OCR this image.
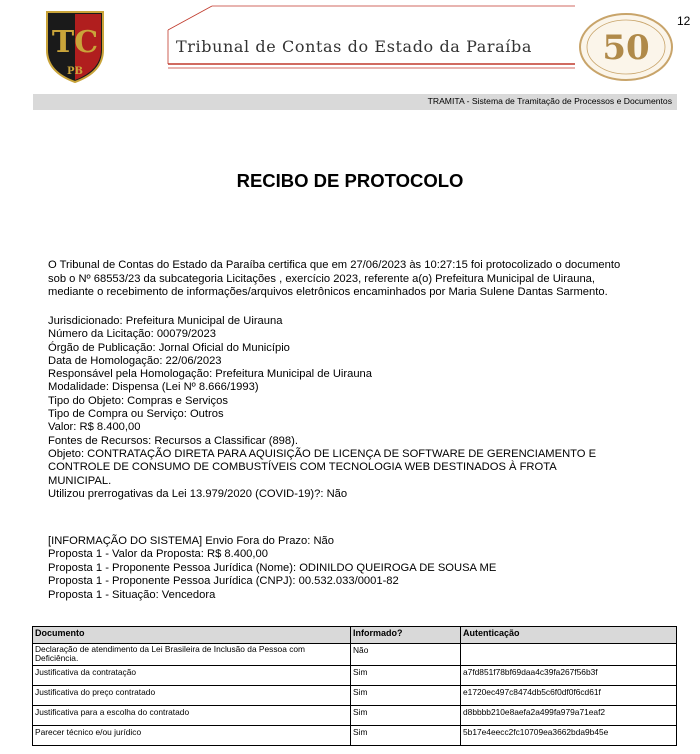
12
TC
PB
Tribunal de Contas do Estado da Paraíba 50
TRAMITA - Sistema de Tramitação de Processos e Documentos
RECIBO DE PROTOCOLO
O Tribunal de Contas do Estado da Paraíba certifica que em 27/06/2023 às 10:27:15 foi protocolizado o documento
sob o Nº 68553/23 da subcategoria Licitações , exercício 2023, referente a(o) Prefeitura Municipal de Uirauna,
mediante o recebimento de informações/arquivos eletrônicos encaminhados por Maria Sulene Dantas Sarmento.
Jurisdicionado: Prefeitura Municipal de Uirauna
Número da Licitação: 00079/2023
Órgão de Publicação: Jornal Oficial do Município
Data de Homologação: 22/06/2023
Responsável pela Homologação: Prefeitura Municipal de Uirauna
Modalidade: Dispensa (Lei Nº 8.666/1993)
Tipo do Objeto: Compras e Serviços
Tipo de Compra ou Serviço: Outros
Valor: R$ 8.400,00
Fontes de Recursos: Recursos a Classificar (898).
Objeto: CONTRATAÇÃO DIRETA PARA AQUISIÇÃO DE LICENÇA DE SOFTWARE DE GERENCIAMENTO E
CONTROLE DE CONSUMO DE COMBUSTÍVEIS COM TECNOLOGIA WEB DESTINADOS À FROTA
MUNICIPAL.
Utilizou prerrogativas da Lei 13.979/2020 (COVID-19)?: Não
[INFORMAÇÃO DO SISTEMA] Envio Fora do Prazo: Não
Proposta 1 - Valor da Proposta: R$ 8.400,00
Proposta 1 - Proponente Pessoa Jurídica (Nome): ODINILDO QUEIROGA DE SOUSA ME
Proposta 1 - Proponente Pessoa Jurídica (CNPJ): 00.532.033/0001-82
Proposta 1 - Situação: Vencedora
Documento	Informado?	Autenticação
Declaração de atendimento da Lei Brasileira de Inclusão da Pessoa com Deficiência.	Não	
Justificativa da contratação	Sim	a7fd851f78bf69daa4c39fa267f56b3f
Justificativa do preço contratado	Sim	e1720ec497c8474db5c6f0df0f6cd61f
Justificativa para a escolha do contratado	Sim	d8bbbb210e8aefa2a499fa979a71eaf2
Parecer técnico e/ou jurídico	Sim	5b17e4eecc2fc10709ea3662bda9b45e
